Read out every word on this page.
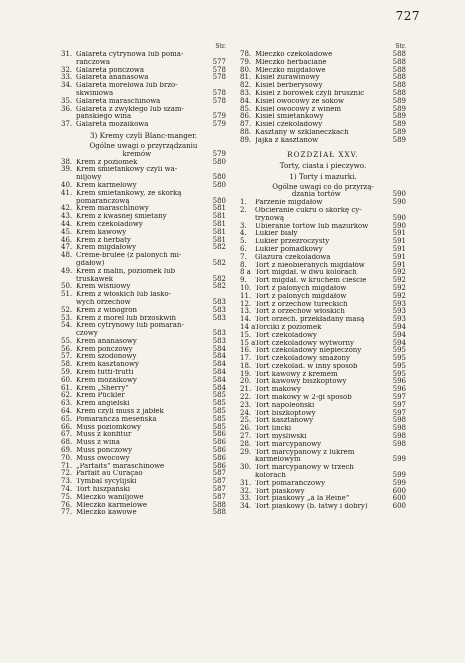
727
Str.
31. Galareta cytrynowa lub poma-
rańczowa	577
32. Galareta ponczowa	578
33. Galareta ananasowa	578
34. Galareta morelowa lub brzo-
skwiniowa	578
35. Galareta maraschinowa	578
36. Galareta z zwykłego lub szam-
pańskiego wina	579
37. Galareta mozaikowa	579
3) Kremy czyli Blanc-manger.
Ogólne uwagi o przyrządzaniu
kremów	579
38. Krem z poziomek	580
39. Krem śmietankowy czyli wa-
niljowy	580
40. Krem karmelowy	580
41. Krem śmietankowy, ze skórką
pomarańczową	580
42. Krem maraschinowy	581
43. Krem z kwaśnej śmietany	581
44. Krem czekoladowy	581
45. Krem kawowy	581
46. Krem z herbaty	581
47. Krem migdałowy	582
48. Crème-brulée (z palonych mi-
gdałów)	582
49. Krem z malin, poziomek lub
truskawek	582
50. Krem wiśniowy	582
51. Krem z włoskich lub lasko-
wych orzechów	583
52. Krem z winogron	583
53. Krem z morel lub brzoskwiń	583
54. Krem cytrynowy lub pomarań-
czowy	583
55. Krem ananasowy	583
56. Krem ponczowy	584
57. Krem szodonowy	584
58. Krem kasztanowy	584
59. Krem tutti-frutti	584
60. Krem mozaikowy	584
61. Krem „Sherry“	584
62. Krem Pückler	585
63. Krem angielski	585
64. Krem czyli muss z jabłek	585
65. Pomarańcza meseńska	585
66. Muss poziomkowy	585
67. Muss z konfitur	586
68. Muss z wina	586
69. Muss ponczowy	586
70. Muss owocowy	586
71. „Parfaits“ maraschinowe	586
72. Parfait au Curaçao	587
73. Tymbal sycylijski	587
74. Tort hiszpański	587
75. Mleczko waniljowe	587
76. Mleczko karmelowe	588
77. Mleczko kawowe	588
Str.
78. Mleczko czekoladowe	588
79. Mleczko herbaciane	588
80. Mleczko migdałowe	588
81. Kisiel żurawinowy	588
82. Kisiel berberysowy	588
83. Kisiel z borówek czyli brusznic	588
84. Kisiel owocowy ze sokow	589
85. Kisiel owocowy z winem	589
86. Kisiel śmietankowy	589
87. Kisiel czekoladowy	589
88. Kasztany w szklaneczkach	589
89. Jajka z kasztanów	589
ROZDZIAŁ XXV.
Torty, ciasta i pieczywo.
1) Torty i mazurki.
Ogólne uwagi co do przyrzą-
dzania tortów	590
1.	Parzenie migdałów	590
2.	Obcieranie cukru o skórkę cy-
trynową	590
3.	Ubieranie tortów lub mazurków	590
4.	Lukier biały	591
5.	Lukier przeźroczysty	591
6.	Lukier pomadkowy	591
7.	Glazura czekoladowa	591
8.	Tort z nieobieranych migdałów	591
8 a Tort migdał. w dwu kolorach	592
9.	Tort migdał. w kruchem cieście	592
10. Tort z palonych migdałów	592
11. Tort z palonych migdałów	592
12. Tort z orzechów tureckich	593
13. Tort z orzechów włoskich	593
14. Tort orzech. przekładany masą	593
14 a Torciki z poziomek	594
15. Tort czekoladowy	594
15 a Tort czekoladowy wytworny	594
16. Tort czekoladowy niepieczony	595
17. Tort czekoladowy smażony	595
18. Tort czekolad. w inny sposób	595
19. Tort kawowy z kremem	595
20. Tort kawowy biszkoptowy	596
21. Tort makowy	596
22. Tort makowy w 2-gi sposób	597
23. Tort napoleoński	597
24. Tort biszkoptowy	597
25. Tort kasztanowy	598
26. Tort linckí	598
27. Tort myśliwski	598
28. Tort marcypanowy	598
29. Tort marcypanowy z lukrem
karmelowym	599
30. Tort marcypanowy w trzech
kolorach	599
31. Tort pomarańczowy	599
32. Tort piaskowy	600
33. Tort piaskowy „à la Reine“	600
34. Tort piaskowy (b. łatwy i dobry)	600
